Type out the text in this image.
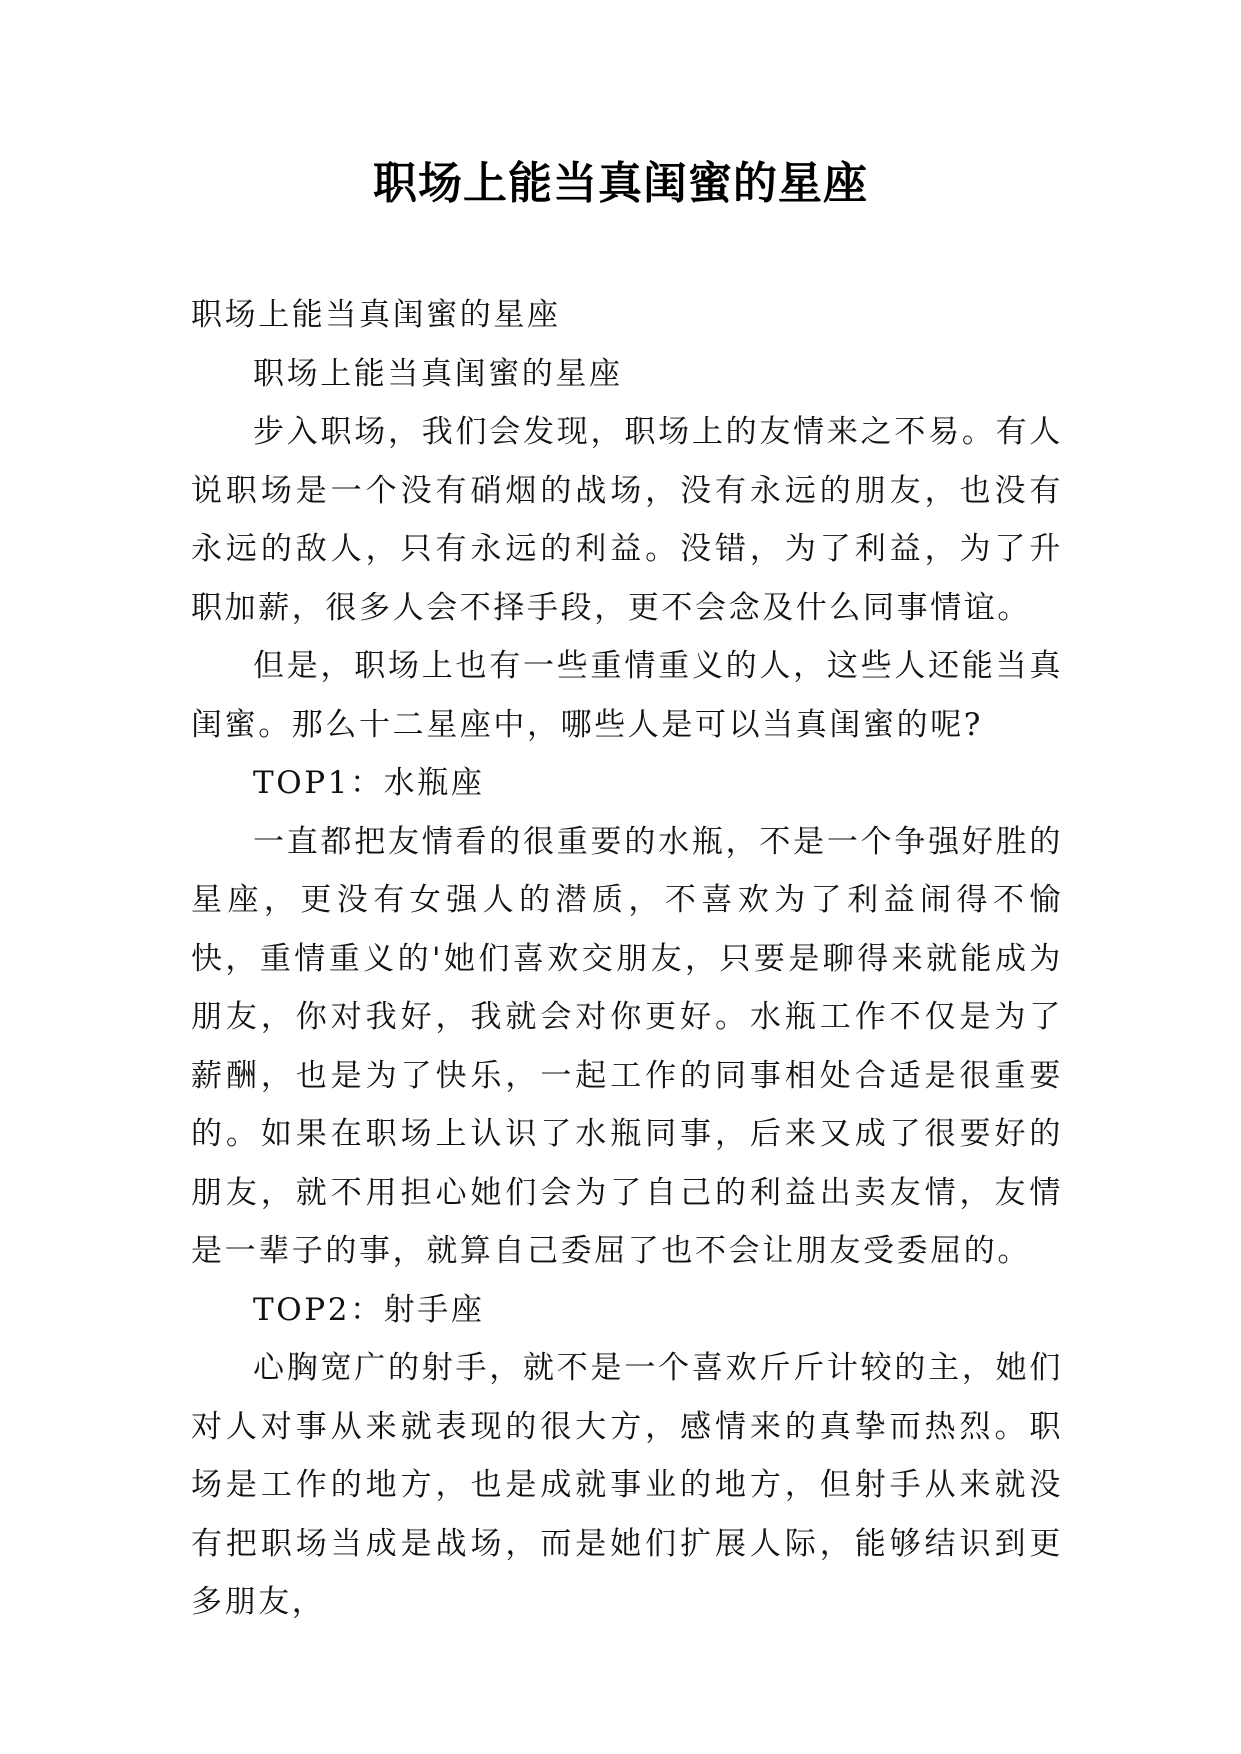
职场上能当真闺蜜的星座

职场上能当真闺蜜的星座

职场上能当真闺蜜的星座

步入职场，我们会发现，职场上的友情来之不易。有人说职场是一个没有硝烟的战场，没有永远的朋友，也没有永远的敌人，只有永远的利益。没错，为了利益，为了升职加薪，很多人会不择手段，更不会念及什么同事情谊。

但是，职场上也有一些重情重义的人，这些人还能当真闺蜜。那么十二星座中，哪些人是可以当真闺蜜的呢?

TOP1：水瓶座

一直都把友情看的很重要的水瓶，不是一个争强好胜的星座，更没有女强人的潜质，不喜欢为了利益闹得不愉快，重情重义的'她们喜欢交朋友，只要是聊得来就能成为朋友，你对我好，我就会对你更好。水瓶工作不仅是为了薪酬，也是为了快乐，一起工作的同事相处合适是很重要的。如果在职场上认识了水瓶同事，后来又成了很要好的朋友，就不用担心她们会为了自己的利益出卖友情，友情是一辈子的事，就算自己委屈了也不会让朋友受委屈的。

TOP2：射手座

心胸宽广的射手，就不是一个喜欢斤斤计较的主，她们对人对事从来就表现的很大方，感情来的真挚而热烈。职场是工作的地方，也是成就事业的地方，但射手从来就没有把职场当成是战场，而是她们扩展人际，能够结识到更多朋友，
